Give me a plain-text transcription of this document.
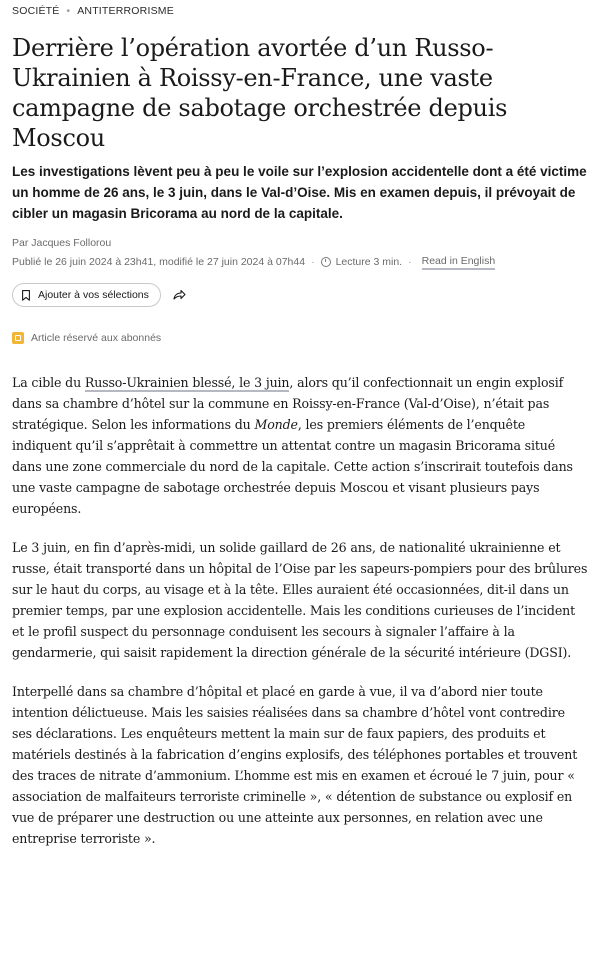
SOCIÉTÉ • ANTITERRORISME
Derrière l’opération avortée d’un Russo-Ukrainien à Roissy-en-France, une vaste campagne de sabotage orchestrée depuis Moscou

Les investigations lèvent peu à peu le voile sur l’explosion accidentelle dont a été victime un homme de 26 ans, le 3 juin, dans le Val-d’Oise. Mis en examen depuis, il prévoyait de cibler un magasin Bricorama au nord de la capitale.

Par Jacques Follorou
Publié le 26 juin 2024 à 23h41, modifié le 27 juin 2024 à 07h44 · Lecture 3 min. · Read in English
Ajouter à vos sélections
Article réservé aux abonnés

La cible du Russo-Ukrainien blessé, le 3 juin, alors qu’il confectionnait un engin explosif dans sa chambre d’hôtel sur la commune en Roissy-en-France (Val-d’Oise), n’était pas stratégique. Selon les informations du Monde, les premiers éléments de l’enquête indiquent qu’il s’apprêtait à commettre un attentat contre un magasin Bricorama situé dans une zone commerciale du nord de la capitale. Cette action s’inscrirait toutefois dans une vaste campagne de sabotage orchestrée depuis Moscou et visant plusieurs pays européens.

Le 3 juin, en fin d’après-midi, un solide gaillard de 26 ans, de nationalité ukrainienne et russe, était transporté dans un hôpital de l’Oise par les sapeurs-pompiers pour des brûlures sur le haut du corps, au visage et à la tête. Elles auraient été occasionnées, dit-il dans un premier temps, par une explosion accidentelle. Mais les conditions curieuses de l’incident et le profil suspect du personnage conduisent les secours à signaler l’affaire à la gendarmerie, qui saisit rapidement la direction générale de la sécurité intérieure (DGSI).

Interpellé dans sa chambre d’hôpital et placé en garde à vue, il va d’abord nier toute intention délictueuse. Mais les saisies réalisées dans sa chambre d’hôtel vont contredire ses déclarations. Les enquêteurs mettent la main sur de faux papiers, des produits et matériels destinés à la fabrication d’engins explosifs, des téléphones portables et trouvent des traces de nitrate d’ammonium. L’homme est mis en examen et écroué le 7 juin, pour « association de malfaiteurs terroriste criminelle », « détention de substance ou explosif en vue de préparer une destruction ou une atteinte aux personnes, en relation avec une entreprise terroriste ».
